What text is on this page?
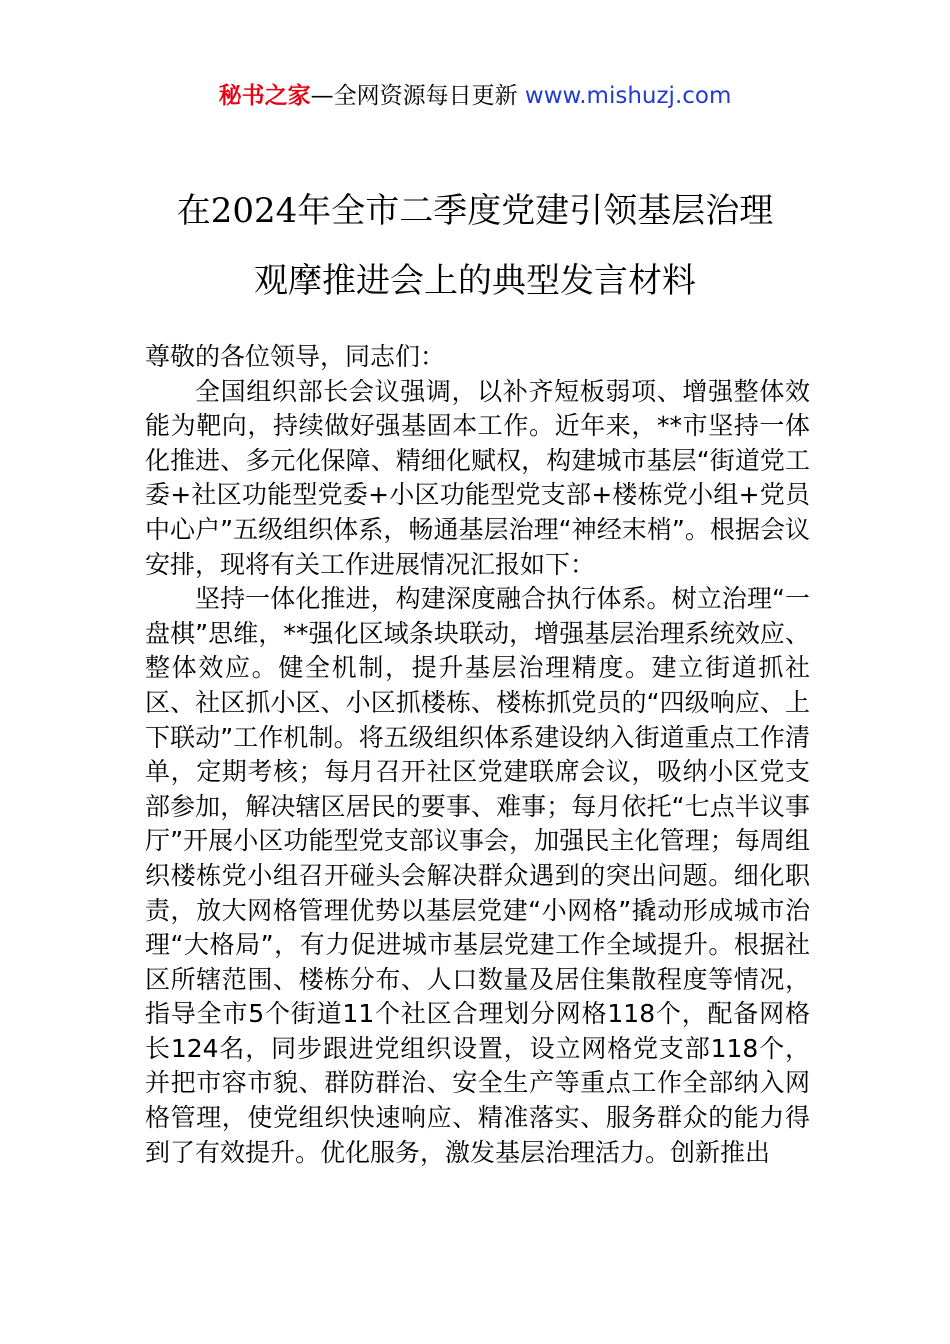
秘书之家—全网资源每日更新 www.mishuzj.com
在2024年全市二季度党建引领基层治理
观摩推进会上的典型发言材料

尊敬的各位领导，同志们：

全国组织部长会议强调，以补齐短板弱项、增强整体效能为靶向，持续做好强基固本工作。近年来，**市坚持一体化推进、多元化保障、精细化赋权，构建城市基层“街道党工委+社区功能型党委+小区功能型党支部+楼栋党小组+党员中心户”五级组织体系，畅通基层治理“神经末梢”。根据会议安排，现将有关工作进展情况汇报如下：

坚持一体化推进，构建深度融合执行体系。树立治理“一盘棋”思维，**强化区域条块联动，增强基层治理系统效应、整体效应。健全机制，提升基层治理精度。建立街道抓社区、社区抓小区、小区抓楼栋、楼栋抓党员的“四级响应、上下联动”工作机制。将五级组织体系建设纳入街道重点工作清单，定期考核；每月召开社区党建联席会议，吸纳小区党支部参加，解决辖区居民的要事、难事；每月依托“七点半议事厅”开展小区功能型党支部议事会，加强民主化管理；每周组织楼栋党小组召开碰头会解决群众遇到的突出问题。细化职责，放大网格管理优势以基层党建“小网格”撬动形成城市治理“大格局”，有力促进城市基层党建工作全域提升。根据社区所辖范围、楼栋分布、人口数量及居住集散程度等情况，指导全市5个街道11个社区合理划分网格118个，配备网格长124名，同步跟进党组织设置，设立网格党支部118个，并把市容市貌、群防群治、安全生产等重点工作全部纳入网格管理，使党组织快速响应、精准落实、服务群众的能力得到了有效提升。优化服务，激发基层治理活力。创新推出
